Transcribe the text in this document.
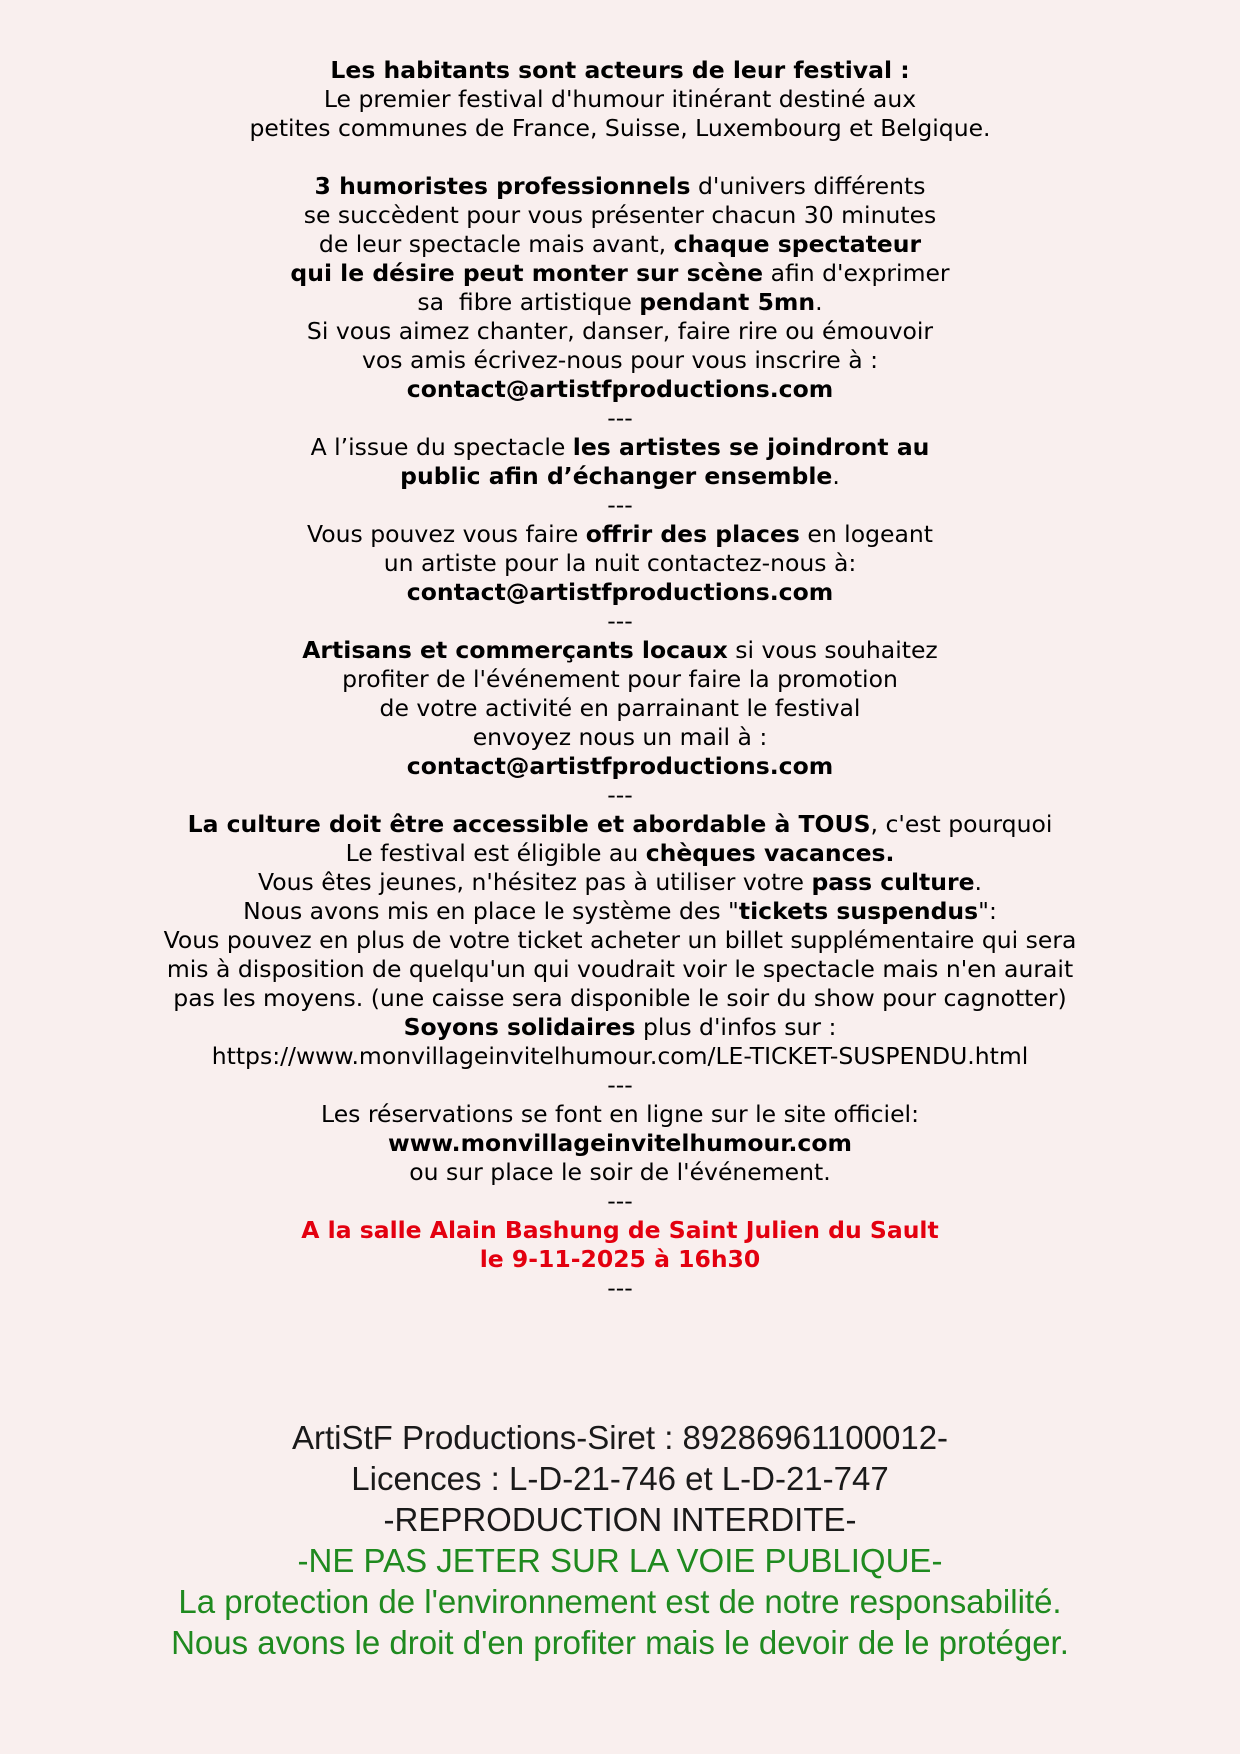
Les habitants sont acteurs de leur festival :
Le premier festival d'humour itinérant destiné aux
petites communes de France, Suisse, Luxembourg et Belgique.
3 humoristes professionnels d'univers différents
se succèdent pour vous présenter chacun 30 minutes
de leur spectacle mais avant, chaque spectateur
qui le désire peut monter sur scène afin d'exprimer
sa  fibre artistique pendant 5mn.
Si vous aimez chanter, danser, faire rire ou émouvoir
vos amis écrivez-nous pour vous inscrire à :
contact@artistfproductions.com
---
A l’issue du spectacle les artistes se joindront au
public afin d’échanger ensemble.
---
Vous pouvez vous faire offrir des places en logeant
un artiste pour la nuit contactez-nous à:
contact@artistfproductions.com
---
Artisans et commerçants locaux si vous souhaitez
profiter de l'événement pour faire la promotion
de votre activité en parrainant le festival
envoyez nous un mail à :
contact@artistfproductions.com
---
La culture doit être accessible et abordable à TOUS, c'est pourquoi
Le festival est éligible au chèques vacances.
Vous êtes jeunes, n'hésitez pas à utiliser votre pass culture.
Nous avons mis en place le système des "tickets suspendus":
Vous pouvez en plus de votre ticket acheter un billet supplémentaire qui sera
mis à disposition de quelqu'un qui voudrait voir le spectacle mais n'en aurait
pas les moyens. (une caisse sera disponible le soir du show pour cagnotter)
Soyons solidaires plus d'infos sur :
https://www.monvillageinvitelhumour.com/LE-TICKET-SUSPENDU.html
---
Les réservations se font en ligne sur le site officiel:
www.monvillageinvitelhumour.com
ou sur place le soir de l'événement.
---
A la salle Alain Bashung de Saint Julien du Sault
le 9-11-2025 à 16h30
---
ArtiStF Productions-Siret : 89286961100012-
Licences : L-D-21-746 et L-D-21-747
-REPRODUCTION INTERDITE-
-NE PAS JETER SUR LA VOIE PUBLIQUE-
La protection de l'environnement est de notre responsabilité.
Nous avons le droit d'en profiter mais le devoir de le protéger.
